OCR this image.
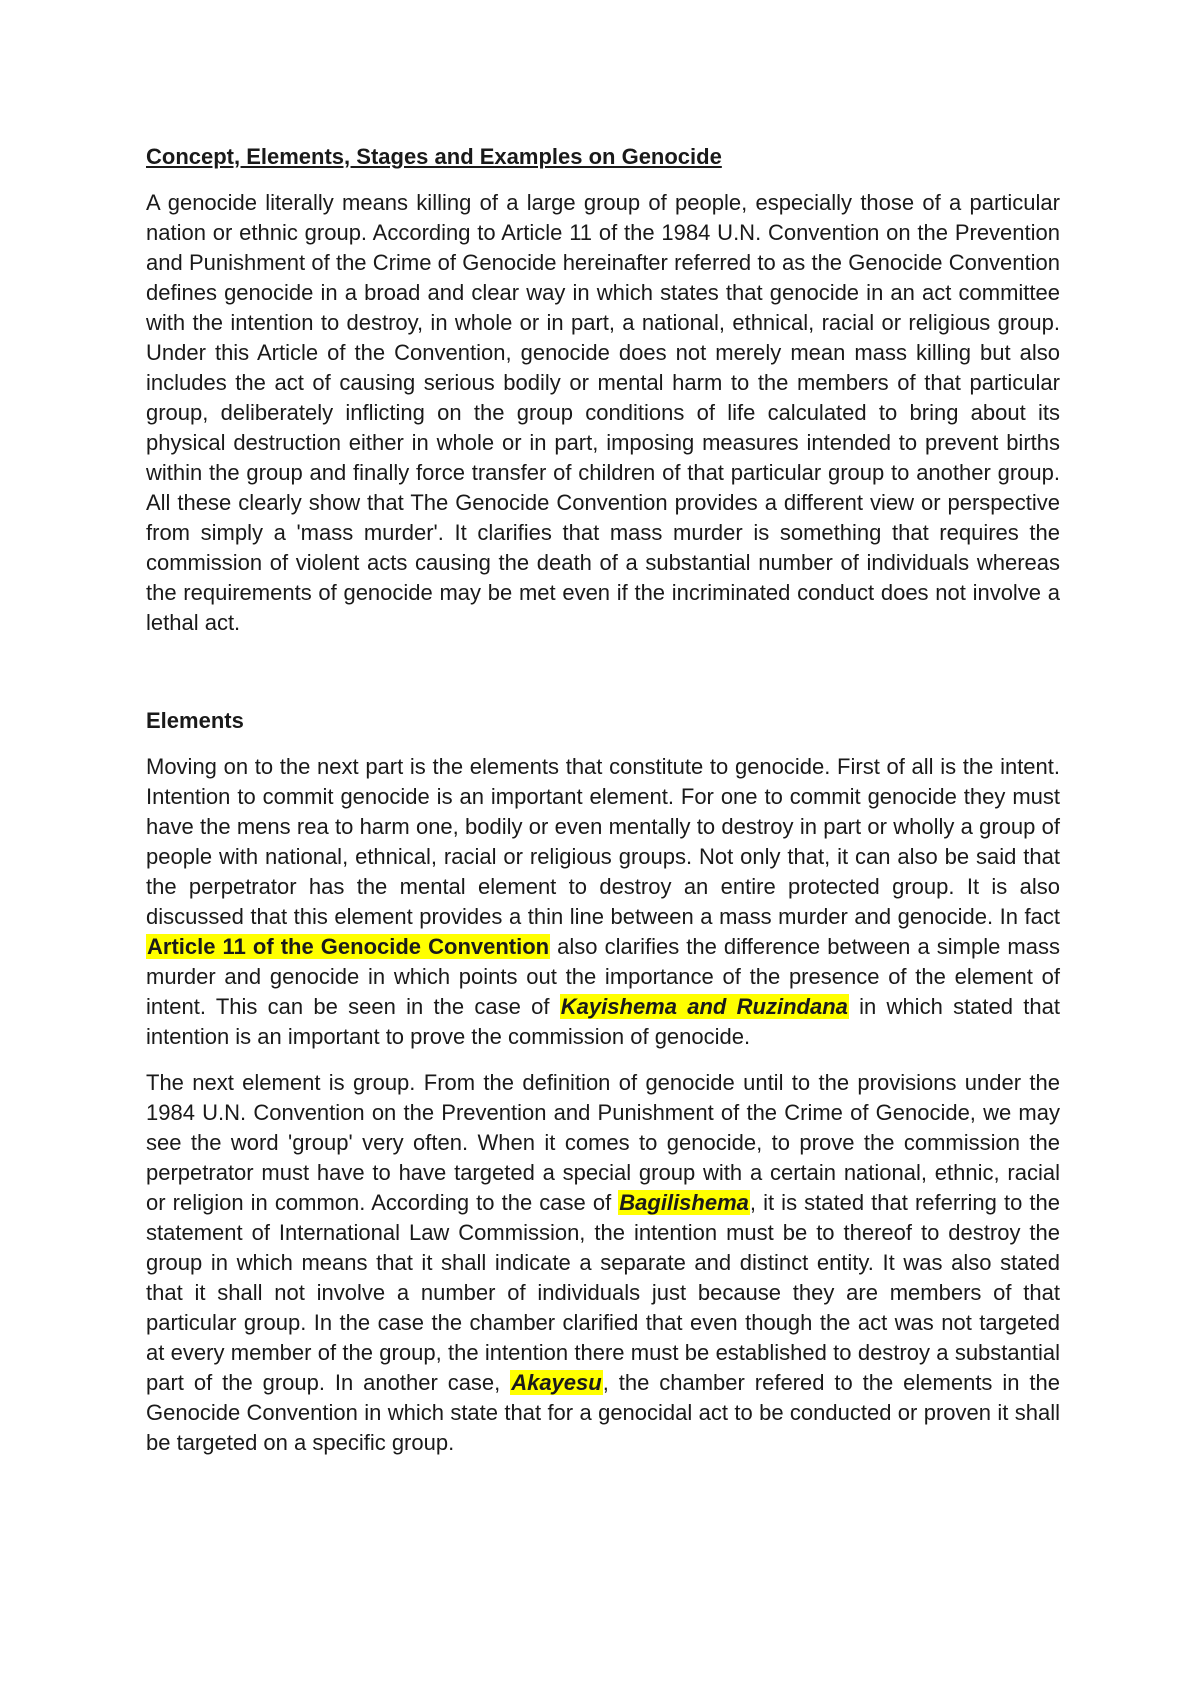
Concept, Elements, Stages and Examples on Genocide

A genocide literally means killing of a large group of people, especially those of a particular nation or ethnic group. According to Article 11 of the 1984 U.N. Convention on the Prevention and Punishment of the Crime of Genocide hereinafter referred to as the Genocide Convention defines genocide in a broad and clear way in which states that genocide in an act committee with the intention to destroy, in whole or in part, a national, ethnical, racial or religious group. Under this Article of the Convention, genocide does not merely mean mass killing but also includes the act of causing serious bodily or mental harm to the members of that particular group, deliberately inflicting on the group conditions of life calculated to bring about its physical destruction either in whole or in part, imposing measures intended to prevent births within the group and finally force transfer of children of that particular group to another group. All these clearly show that The Genocide Convention provides a different view or perspective from simply a 'mass murder'. It clarifies that mass murder is something that requires the commission of violent acts causing the death of a substantial number of individuals whereas the requirements of genocide may be met even if the incriminated conduct does not involve a lethal act.

Elements

Moving on to the next part is the elements that constitute to genocide. First of all is the intent. Intention to commit genocide is an important element. For one to commit genocide they must have the mens rea to harm one, bodily or even mentally to destroy in part or wholly a group of people with national, ethnical, racial or religious groups. Not only that, it can also be said that the perpetrator has the mental element to destroy an entire protected group. It is also discussed that this element provides a thin line between a mass murder and genocide. In fact Article 11 of the Genocide Convention also clarifies the difference between a simple mass murder and genocide in which points out the importance of the presence of the element of intent. This can be seen in the case of Kayishema and Ruzindana in which stated that intention is an important to prove the commission of genocide.

The next element is group. From the definition of genocide until to the provisions under the 1984 U.N. Convention on the Prevention and Punishment of the Crime of Genocide, we may see the word 'group' very often. When it comes to genocide, to prove the commission the perpetrator must have to have targeted a special group with a certain national, ethnic, racial or religion in common. According to the case of Bagilishema, it is stated that referring to the statement of International Law Commission, the intention must be to thereof to destroy the group in which means that it shall indicate a separate and distinct entity. It was also stated that it shall not involve a number of individuals just because they are members of that particular group. In the case the chamber clarified that even though the act was not targeted at every member of the group, the intention there must be established to destroy a substantial part of the group. In another case, Akayesu, the chamber refered to the elements in the Genocide Convention in which state that for a genocidal act to be conducted or proven it shall be targeted on a specific group.
